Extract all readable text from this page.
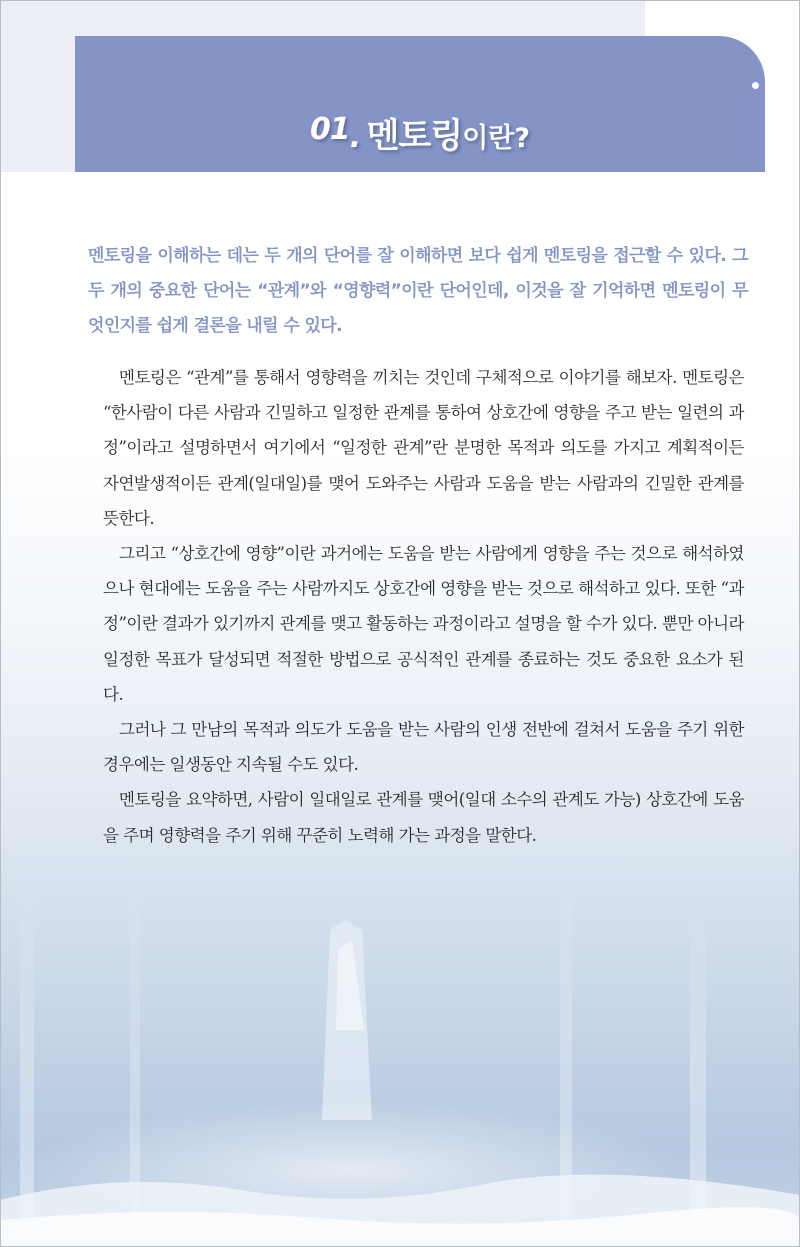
01. 멘토링이란?
MENTORING
멘토링을 이해하는 데는 두 개의 단어를 잘 이해하면 보다 쉽게 멘토링을 접근할 수 있다. 그 두 개의 중요한 단어는 “관계”와 “영향력”이란 단어인데, 이것을 잘 기억하면 멘토링이 무엇인지를 쉽게 결론을 내릴 수 있다.

멘토링은 “관계”를 통해서 영향력을 끼치는 것인데 구체적으로 이야기를 해보자. 멘토링은 “한사람이 다른 사람과 긴밀하고 일정한 관계를 통하여 상호간에 영향을 주고 받는 일련의 과정”이라고 설명하면서 여기에서 “일정한 관계”란 분명한 목적과 의도를 가지고 계획적이든 자연발생적이든 관계(일대일)를 맺어 도와주는 사람과 도움을 받는 사람과의 긴밀한 관계를 뜻한다.

그리고 “상호간에 영향”이란 과거에는 도움을 받는 사람에게 영향을 주는 것으로 해석하였으나 현대에는 도움을 주는 사람까지도 상호간에 영향을 받는 것으로 해석하고 있다. 또한 “과정”이란 결과가 있기까지 관계를 맺고 활동하는 과정이라고 설명을 할 수가 있다. 뿐만 아니라 일정한 목표가 달성되면 적절한 방법으로 공식적인 관계를 종료하는 것도 중요한 요소가 된다.

그러나 그 만남의 목적과 의도가 도움을 받는 사람의 인생 전반에 걸쳐서 도움을 주기 위한 경우에는 일생동안 지속될 수도 있다.

멘토링을 요약하면, 사람이 일대일로 관계를 맺어(일대 소수의 관계도 가능) 상호간에 도움을 주며 영향력을 주기 위해 꾸준히 노력해 가는 과정을 말한다.
